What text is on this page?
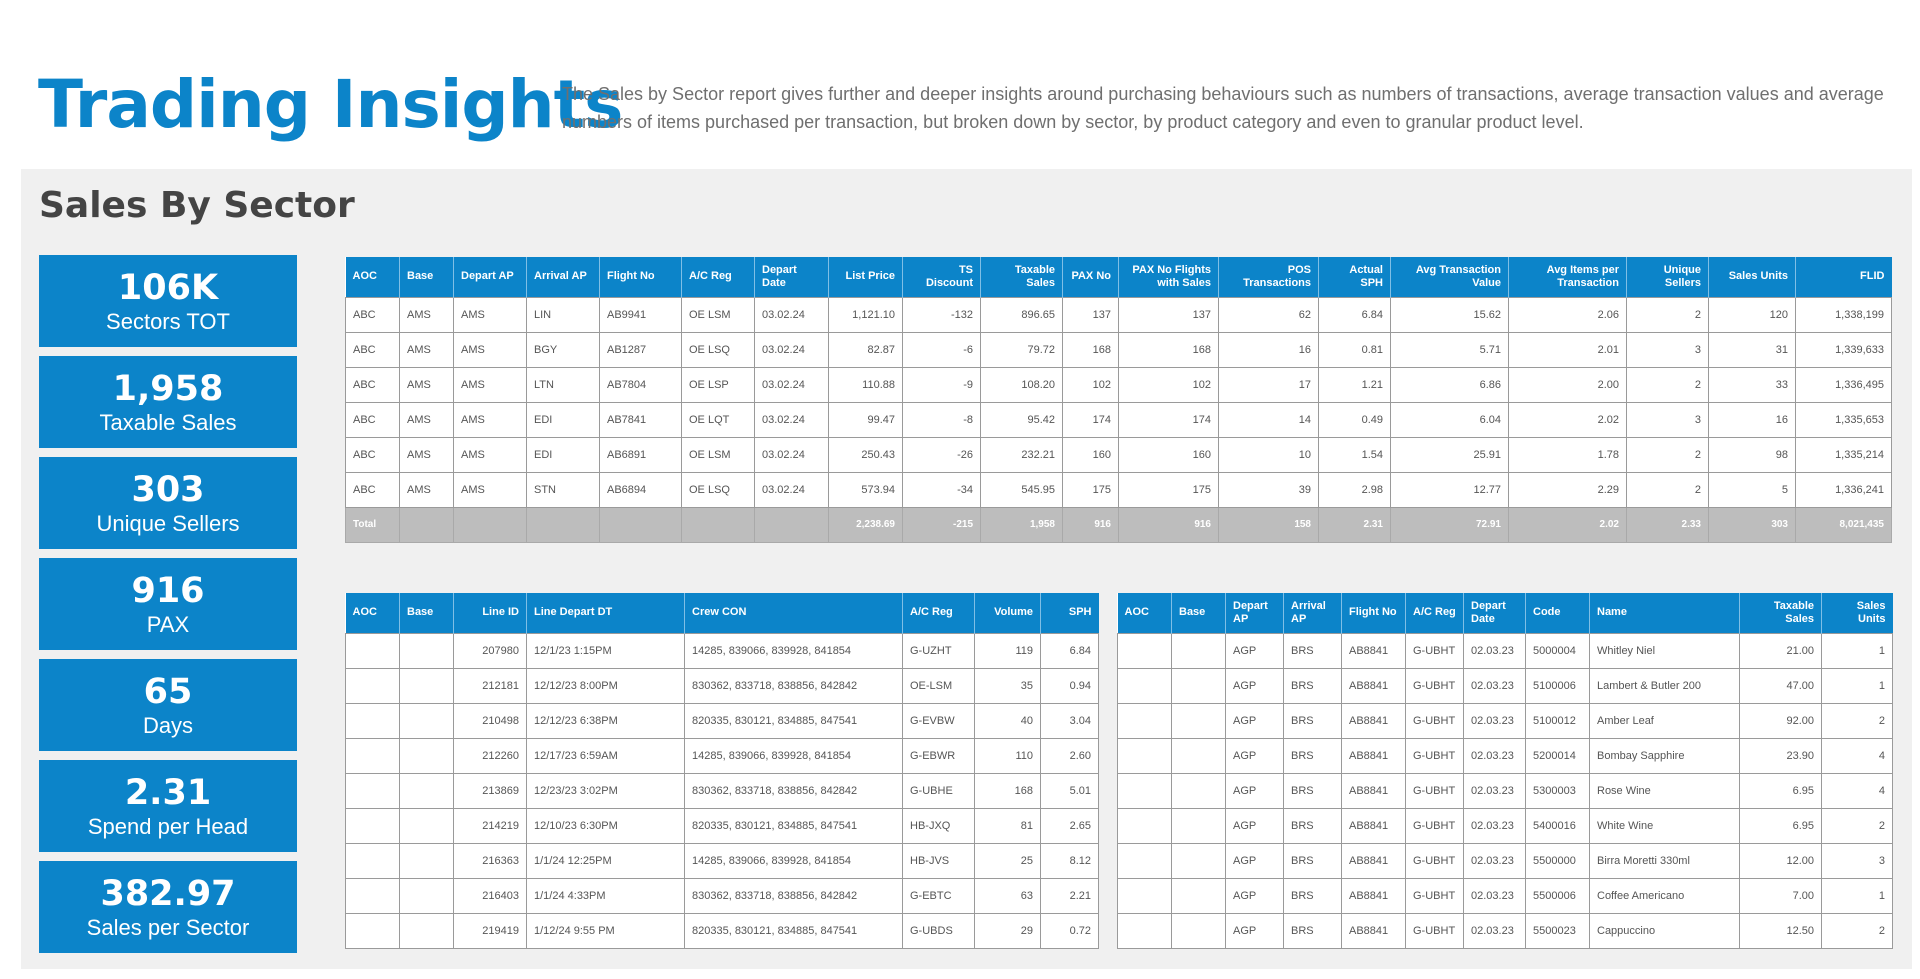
Trading Insights
The Sales by Sector report gives further and deeper insights around purchasing behaviours such as numbers of transactions, average transaction values and average numbers of items purchased per transaction, but broken down by sector, by product category and even to granular product level.
Sales By Sector
106K
Sectors TOT
1,958
Taxable Sales
303
Unique Sellers
916
PAX
65
Days
2.31
Spend per Head
382.97
Sales per Sector
AOC	Base	Depart AP	Arrival AP	Flight No	A/C Reg	Depart Date	List Price	TS Discount	Taxable Sales	PAX No	PAX No Flights with Sales	POS Transactions	Actual SPH	Avg Transaction Value	Avg Items per Transaction	Unique Sellers	Sales Units	FLID
ABC	AMS	AMS	LIN	AB9941	OE LSM	03.02.24	1,121.10	-132	896.65	137	137	62	6.84	15.62	2.06	2	120	1,338,199
ABC	AMS	AMS	BGY	AB1287	OE LSQ	03.02.24	82.87	-6	79.72	168	168	16	0.81	5.71	2.01	3	31	1,339,633
ABC	AMS	AMS	LTN	AB7804	OE LSP	03.02.24	110.88	-9	108.20	102	102	17	1.21	6.86	2.00	2	33	1,336,495
ABC	AMS	AMS	EDI	AB7841	OE LQT	03.02.24	99.47	-8	95.42	174	174	14	0.49	6.04	2.02	3	16	1,335,653
ABC	AMS	AMS	EDI	AB6891	OE LSM	03.02.24	250.43	-26	232.21	160	160	10	1.54	25.91	1.78	2	98	1,335,214
ABC	AMS	AMS	STN	AB6894	OE LSQ	03.02.24	573.94	-34	545.95	175	175	39	2.98	12.77	2.29	2	5	1,336,241
Total							2,238.69	-215	1,958	916	916	158	2.31	72.91	2.02	2.33	303	8,021,435
AOC	Base	Line ID	Line Depart DT	Crew CON	A/C Reg	Volume	SPH
		207980	12/1/23 1:15PM	14285, 839066, 839928, 841854	G-UZHT	119	6.84
		212181	12/12/23 8:00PM	830362, 833718, 838856, 842842	OE-LSM	35	0.94
		210498	12/12/23 6:38PM	820335, 830121, 834885, 847541	G-EVBW	40	3.04
		212260	12/17/23 6:59AM	14285, 839066, 839928, 841854	G-EBWR	110	2.60
		213869	12/23/23 3:02PM	830362, 833718, 838856, 842842	G-UBHE	168	5.01
		214219	12/10/23 6:30PM	820335, 830121, 834885, 847541	HB-JXQ	81	2.65
		216363	1/1/24 12:25PM	14285, 839066, 839928, 841854	HB-JVS	25	8.12
		216403	1/1/24 4:33PM	830362, 833718, 838856, 842842	G-EBTC	63	2.21
		219419	1/12/24 9:55 PM	820335, 830121, 834885, 847541	G-UBDS	29	0.72
AOC	Base	Depart AP	Arrival AP	Flight No	A/C Reg	Depart Date	Code	Name	Taxable Sales	Sales Units
		AGP	BRS	AB8841	G-UBHT	02.03.23	5000004	Whitley Niel	21.00	1
		AGP	BRS	AB8841	G-UBHT	02.03.23	5100006	Lambert & Butler 200	47.00	1
		AGP	BRS	AB8841	G-UBHT	02.03.23	5100012	Amber Leaf	92.00	2
		AGP	BRS	AB8841	G-UBHT	02.03.23	5200014	Bombay Sapphire	23.90	4
		AGP	BRS	AB8841	G-UBHT	02.03.23	5300003	Rose Wine	6.95	4
		AGP	BRS	AB8841	G-UBHT	02.03.23	5400016	White Wine	6.95	2
		AGP	BRS	AB8841	G-UBHT	02.03.23	5500000	Birra Moretti 330ml	12.00	3
		AGP	BRS	AB8841	G-UBHT	02.03.23	5500006	Coffee Americano	7.00	1
		AGP	BRS	AB8841	G-UBHT	02.03.23	5500023	Cappuccino	12.50	2
